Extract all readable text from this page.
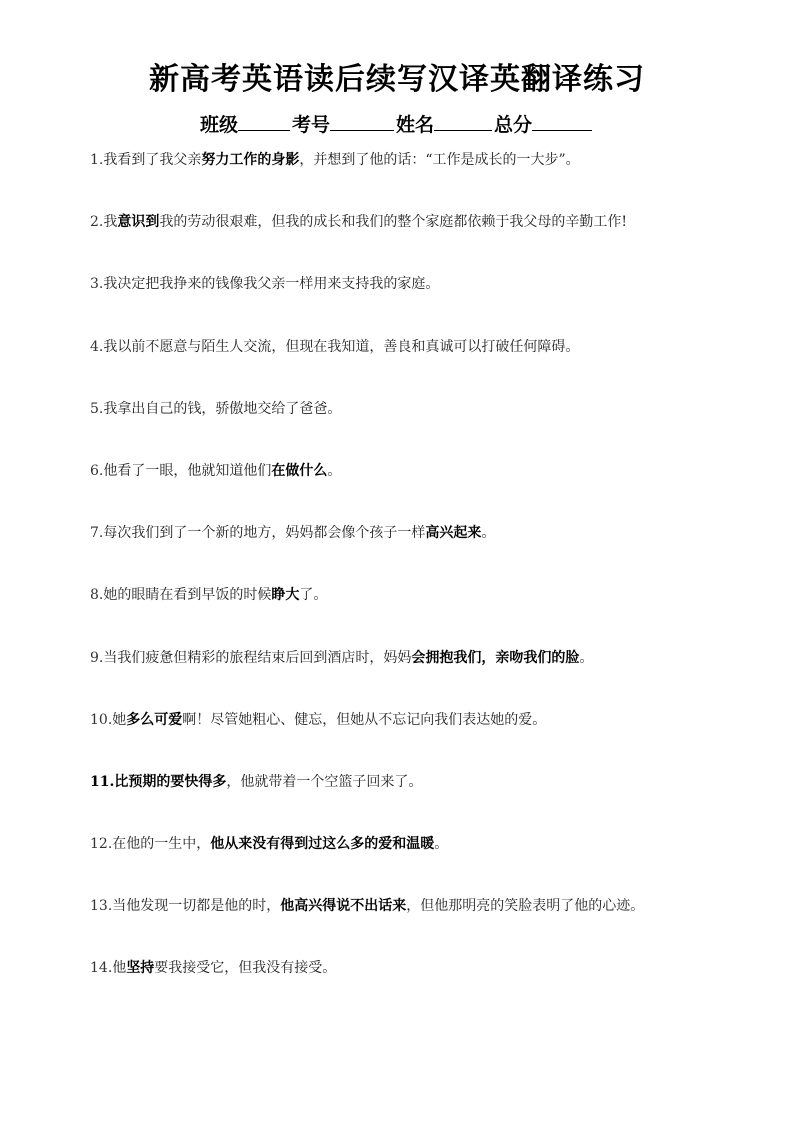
新高考英语读后续写汉译英翻译练习
班级	考号	姓名	总分
1.我看到了我父亲努力工作的身影，并想到了他的话：“工作是成长的一大步”。
2.我意识到我的劳动很艰难，但我的成长和我们的整个家庭都依赖于我父母的辛勤工作!
3.我决定把我挣来的钱像我父亲一样用来支持我的家庭。
4.我以前不愿意与陌生人交流，但现在我知道，善良和真诚可以打破任何障碍。
5.我拿出自己的钱，骄傲地交给了爸爸。
6.他看了一眼，他就知道他们在做什么。
7.每次我们到了一个新的地方，妈妈都会像个孩子一样高兴起来。
8.她的眼睛在看到早饭的时候睁大了。
9.当我们疲惫但精彩的旅程结束后回到酒店时，妈妈会拥抱我们，亲吻我们的脸。
10.她多么可爱啊！尽管她粗心、健忘，但她从不忘记向我们表达她的爱。
11.比预期的要快得多，他就带着一个空篮子回来了。
12.在他的一生中，他从来没有得到过这么多的爱和温暖。
13.当他发现一切都是他的时，他高兴得说不出话来，但他那明亮的笑脸表明了他的心迹。
14.他坚持要我接受它，但我没有接受。
